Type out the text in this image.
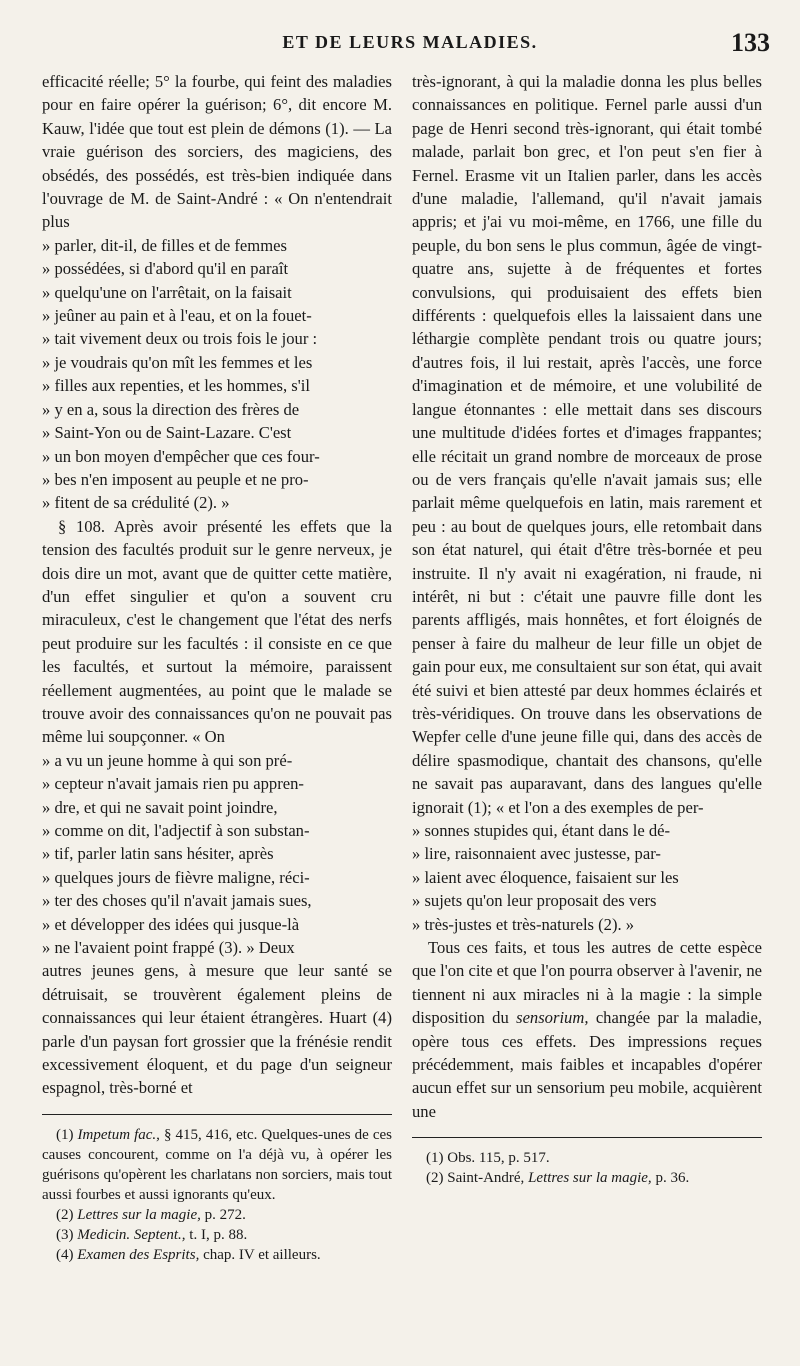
ET DE LEURS MALADIES.	133

efficacité réelle; 5° la fourbe, qui feint des maladies pour en faire opérer la guérison; 6°, dit encore M. Kauw, l'idée que tout est plein de démons (1). — La vraie guérison des sorciers, des magiciens, des obsédés, des possédés, est très-bien indiquée dans l'ouvrage de M. de Saint-André : « On n'entendrait plus

» parler, dit-il, de filles et de femmes
» possédées, si d'abord qu'il en paraît
» quelqu'une on l'arrêtait, on la faisait
» jeûner au pain et à l'eau, et on la fouet-
» tait vivement deux ou trois fois le jour :
» je voudrais qu'on mît les femmes et les
» filles aux repenties, et les hommes, s'il
» y en a, sous la direction des frères de
» Saint-Yon ou de Saint-Lazare. C'est
» un bon moyen d'empêcher que ces four-
» bes n'en imposent au peuple et ne pro-
» fitent de sa crédulité (2). »

§ 108. Après avoir présenté les effets que la tension des facultés produit sur le genre nerveux, je dois dire un mot, avant que de quitter cette matière, d'un effet singulier et qu'on a souvent cru miraculeux, c'est le changement que l'état des nerfs peut produire sur les facultés : il consiste en ce que les facultés, et surtout la mémoire, paraissent réellement augmentées, au point que le malade se trouve avoir des connaissances qu'on ne pouvait pas même lui soupçonner. « On

» a vu un jeune homme à qui son pré-
» cepteur n'avait jamais rien pu appren-
» dre, et qui ne savait point joindre,
» comme on dit, l'adjectif à son substan-
» tif, parler latin sans hésiter, après
» quelques jours de fièvre maligne, réci-
» ter des choses qu'il n'avait jamais sues,
» et développer des idées qui jusque-là
» ne l'avaient point frappé (3). » Deux

autres jeunes gens, à mesure que leur santé se détruisait, se trouvèrent également pleins de connaissances qui leur étaient étrangères. Huart (4) parle d'un paysan fort grossier que la frénésie rendit excessivement éloquent, et du page d'un seigneur espagnol, très-borné et

(1) Impetum fac., § 415, 416, etc. Quelques-unes de ces causes concourent, comme on l'a déjà vu, à opérer les guérisons qu'opèrent les charlatans non sorciers, mais tout aussi fourbes et aussi ignorants qu'eux.

(2) Lettres sur la magie, p. 272.

(3) Medicin. Septent., t. I, p. 88.

(4) Examen des Esprits, chap. IV et ailleurs.

très-ignorant, à qui la maladie donna les plus belles connaissances en politique. Fernel parle aussi d'un page de Henri second très-ignorant, qui était tombé malade, parlait bon grec, et l'on peut s'en fier à Fernel. Erasme vit un Italien parler, dans les accès d'une maladie, l'allemand, qu'il n'avait jamais appris; et j'ai vu moi-même, en 1766, une fille du peuple, du bon sens le plus commun, âgée de vingt-quatre ans, sujette à de fréquentes et fortes convulsions, qui produisaient des effets bien différents : quelquefois elles la laissaient dans une léthargie complète pendant trois ou quatre jours; d'autres fois, il lui restait, après l'accès, une force d'imagination et de mémoire, et une volubilité de langue étonnantes : elle mettait dans ses discours une multitude d'idées fortes et d'images frappantes; elle récitait un grand nombre de morceaux de prose ou de vers français qu'elle n'avait jamais sus; elle parlait même quelquefois en latin, mais rarement et peu : au bout de quelques jours, elle retombait dans son état naturel, qui était d'être très-bornée et peu instruite. Il n'y avait ni exagération, ni fraude, ni intérêt, ni but : c'était une pauvre fille dont les parents affligés, mais honnêtes, et fort éloignés de penser à faire du malheur de leur fille un objet de gain pour eux, me consultaient sur son état, qui avait été suivi et bien attesté par deux hommes éclairés et très-véridiques. On trouve dans les observations de Wepfer celle d'une jeune fille qui, dans des accès de délire spasmodique, chantait des chansons, qu'elle ne savait pas auparavant, dans des langues qu'elle ignorait (1); « et l'on a des exemples de per-

» sonnes stupides qui, étant dans le dé-
» lire, raisonnaient avec justesse, par-
» laient avec éloquence, faisaient sur les
» sujets qu'on leur proposait des vers
» très-justes et très-naturels (2). »

Tous ces faits, et tous les autres de cette espèce que l'on cite et que l'on pourra observer à l'avenir, ne tiennent ni aux miracles ni à la magie : la simple disposition du sensorium, changée par la maladie, opère tous ces effets. Des impressions reçues précédemment, mais faibles et incapables d'opérer aucun effet sur un sensorium peu mobile, acquièrent une

(1) Obs. 115, p. 517.

(2) Saint-André, Lettres sur la magie, p. 36.
